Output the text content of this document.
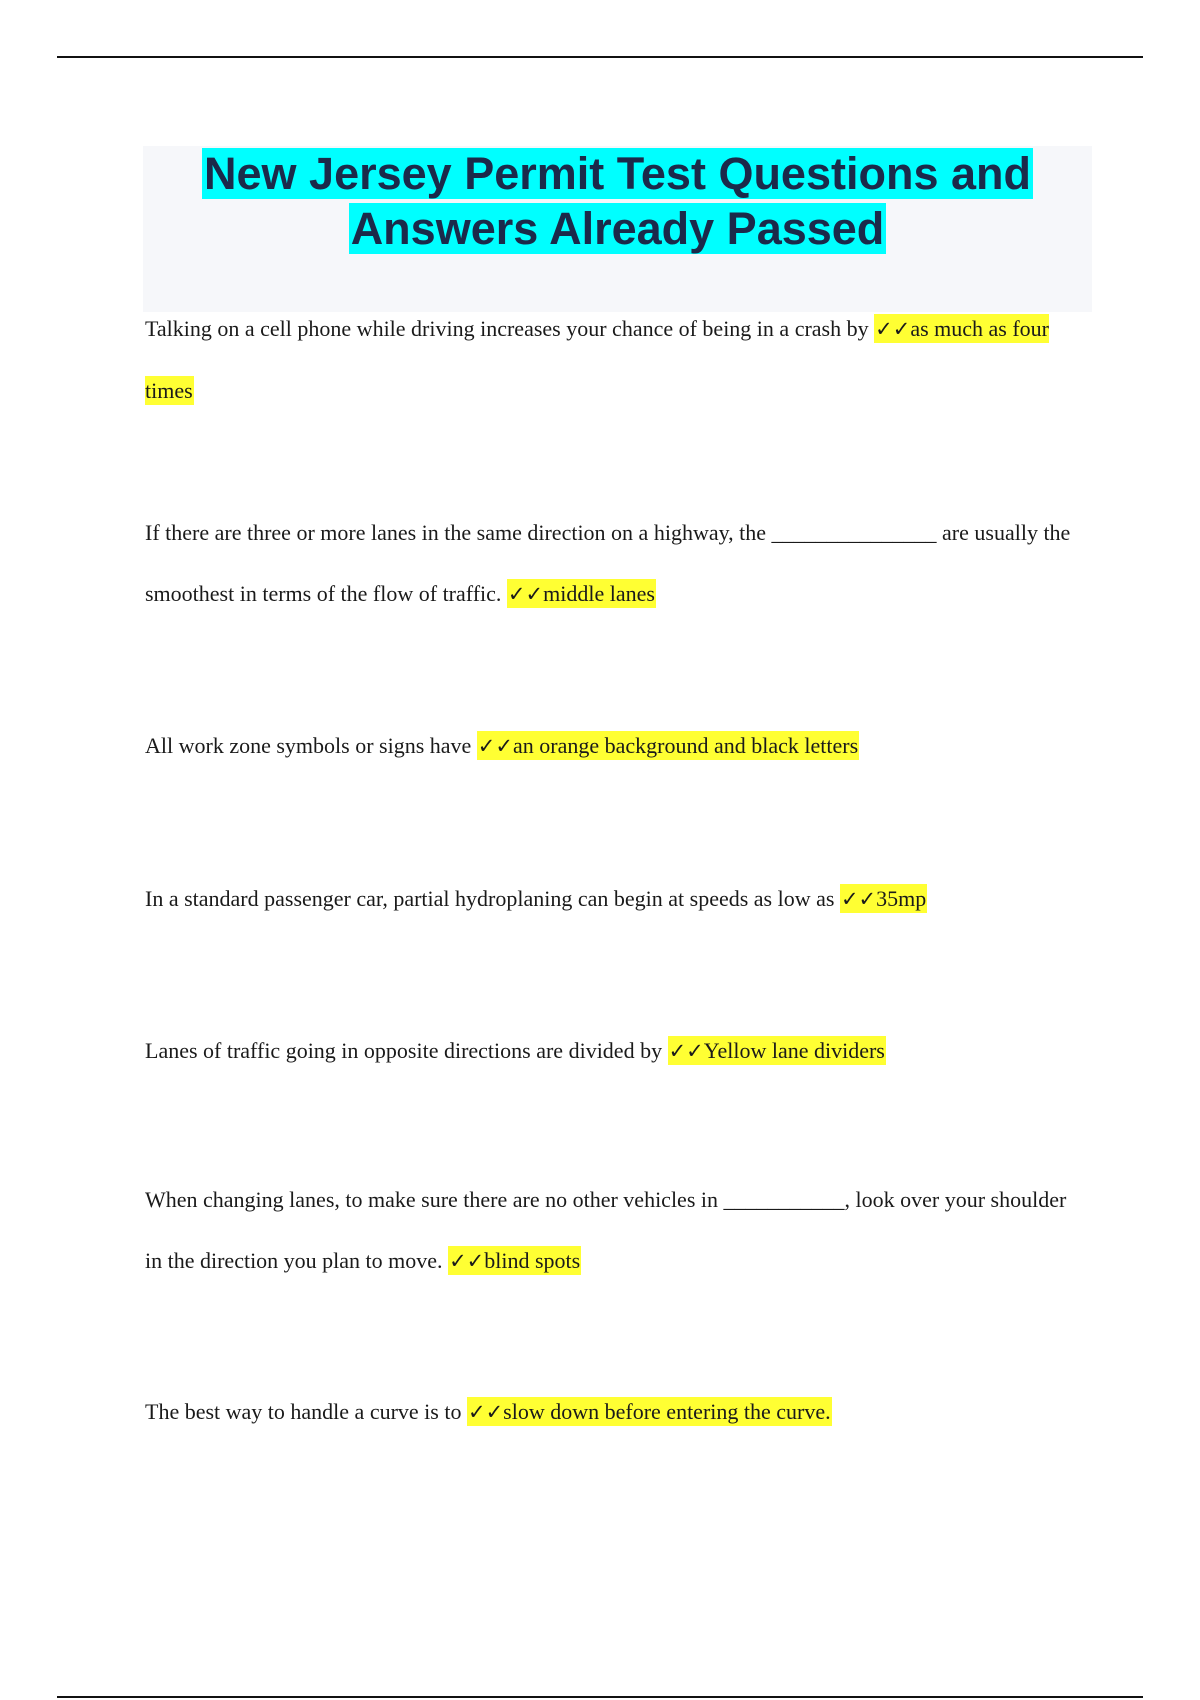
New Jersey Permit Test Questions and
Answers Already Passed

Talking on a cell phone while driving increases your chance of being in a crash by ✓✓as much as four times

If there are three or more lanes in the same direction on a highway, the _______________ are usually the smoothest in terms of the flow of traffic. ✓✓middle lanes

All work zone symbols or signs have ✓✓an orange background and black letters

In a standard passenger car, partial hydroplaning can begin at speeds as low as ✓✓35mp

Lanes of traffic going in opposite directions are divided by ✓✓Yellow lane dividers

When changing lanes, to make sure there are no other vehicles in ___________, look over your shoulder in the direction you plan to move. ✓✓blind spots

The best way to handle a curve is to ✓✓slow down before entering the curve.
